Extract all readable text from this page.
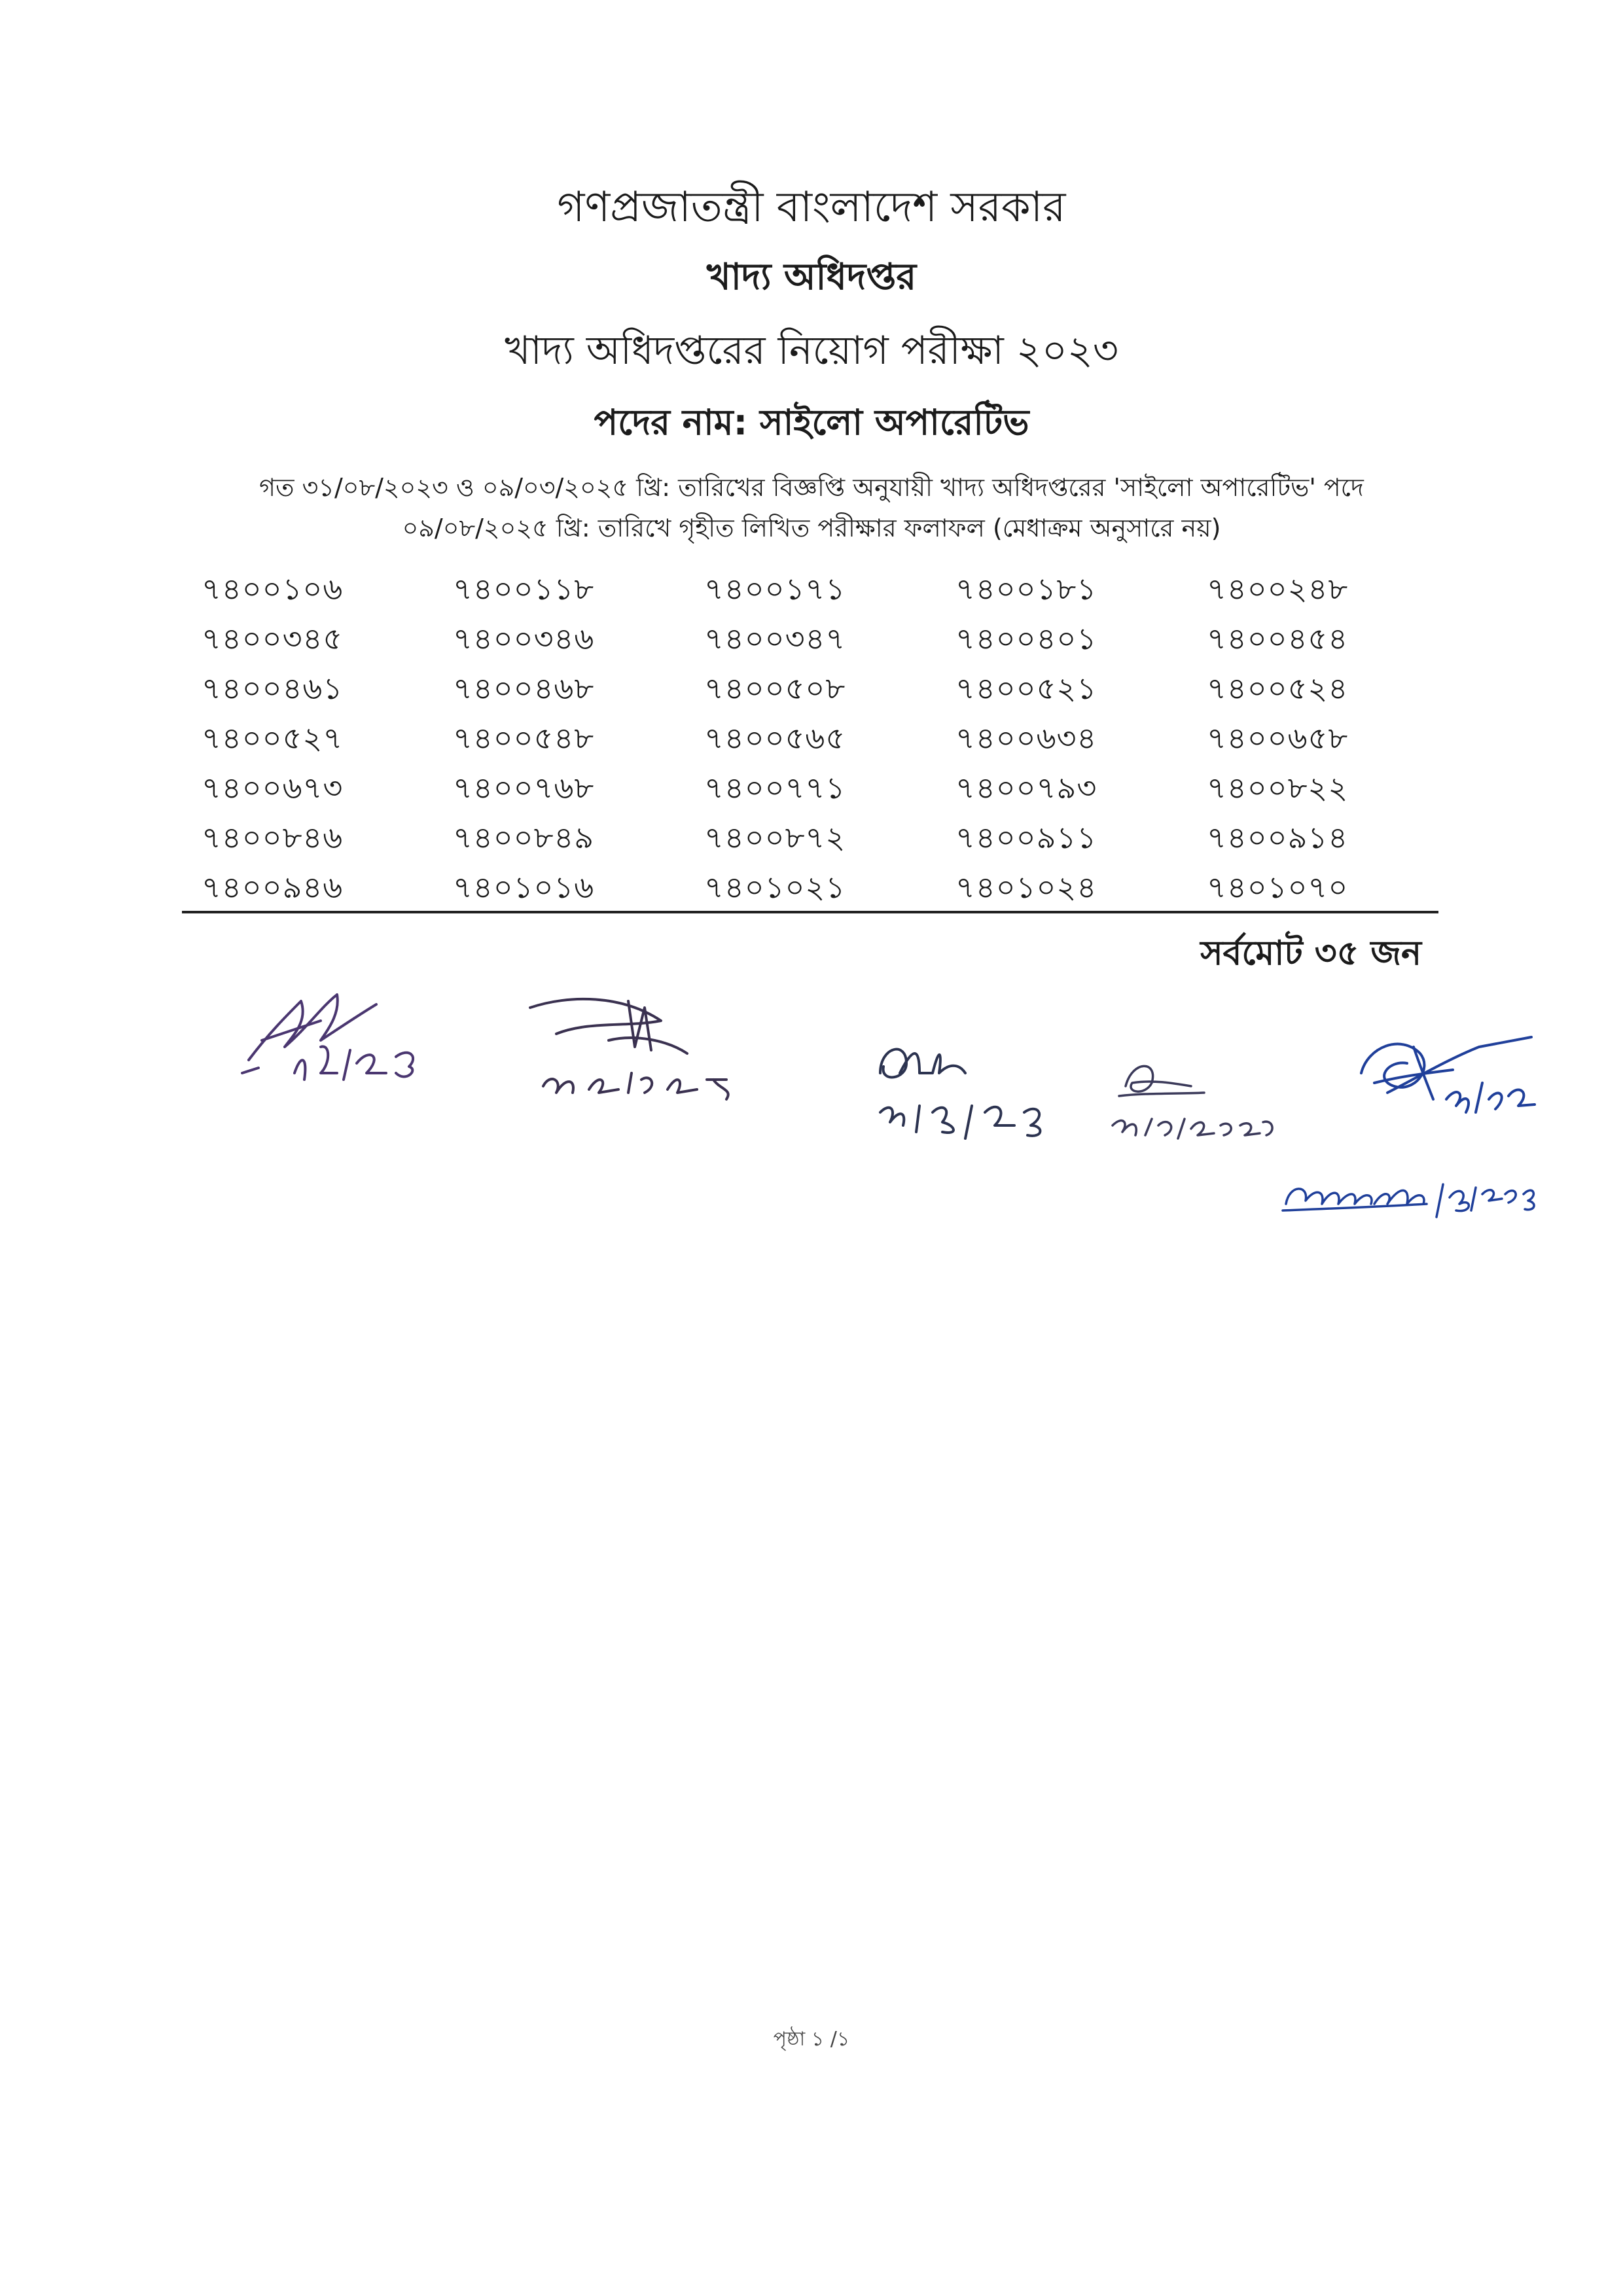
গণপ্রজাতন্ত্রী বাংলাদেশ সরকার
খাদ্য অধিদপ্তর
খাদ্য অধিদপ্তরের নিয়োগ পরীক্ষা ২০২৩
পদের নাম: সাইলো অপারেটিভ
গত ৩১/০৮/২০২৩ ও ০৯/০৩/২০২৫ খ্রি: তারিখের বিজ্ঞপ্তি অনুযায়ী খাদ্য অধিদপ্তরের 'সাইলো অপারেটিভ' পদে
০৯/০৮/২০২৫ খ্রি: তারিখে গৃহীত লিখিত পরীক্ষার ফলাফল (মেধাক্রম অনুসারে নয়)
৭৪০০১০৬	৭৪০০১১৮	৭৪০০১৭১	৭৪০০১৮১	৭৪০০২৪৮
৭৪০০৩৪৫	৭৪০০৩৪৬	৭৪০০৩৪৭	৭৪০০৪০১	৭৪০০৪৫৪
৭৪০০৪৬১	৭৪০০৪৬৮	৭৪০০৫০৮	৭৪০০৫২১	৭৪০০৫২৪
৭৪০০৫২৭	৭৪০০৫৪৮	৭৪০০৫৬৫	৭৪০০৬৩৪	৭৪০০৬৫৮
৭৪০০৬৭৩	৭৪০০৭৬৮	৭৪০০৭৭১	৭৪০০৭৯৩	৭৪০০৮২২
৭৪০০৮৪৬	৭৪০০৮৪৯	৭৪০০৮৭২	৭৪০০৯১১	৭৪০০৯১৪
৭৪০০৯৪৬	৭৪০১০১৬	৭৪০১০২১	৭৪০১০২৪	৭৪০১০৭০
সর্বমোট ৩৫ জন
পৃষ্ঠা ১ /১
